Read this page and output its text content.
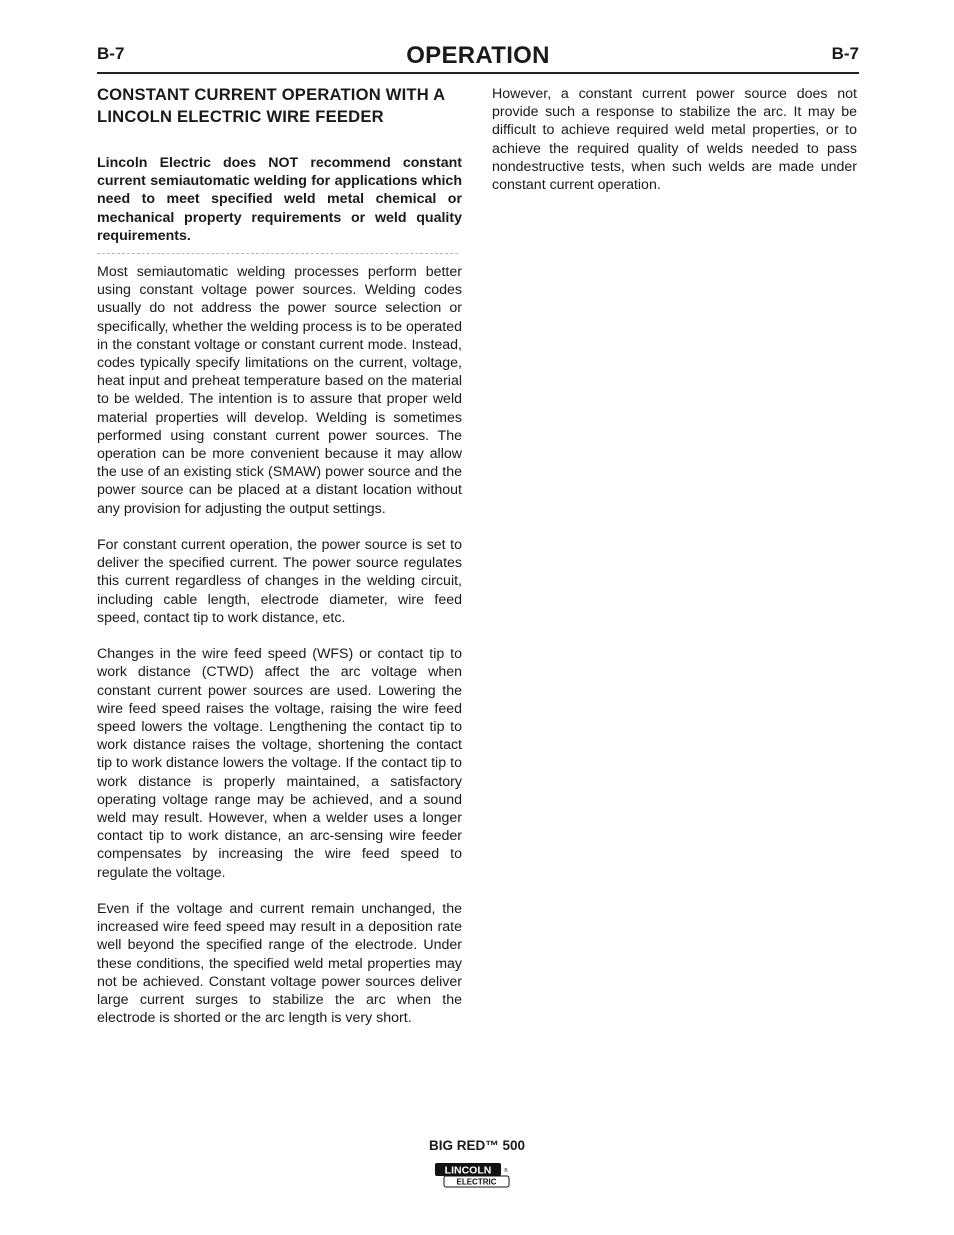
B-7	OPERATION	B-7
CONSTANT CURRENT OPERATION WITH A LINCOLN ELECTRIC WIRE FEEDER

Lincoln Electric does NOT recommend constant current semiautomatic welding for applications which need to meet specified weld metal chemical or mechanical property requirements or weld quality requirements.

Most semiautomatic welding processes perform better using constant voltage power sources. Welding codes usually do not address the power source selection or specifically, whether the welding process is to be operated in the constant voltage or constant current mode. Instead, codes typically specify limitations on the current, voltage, heat input and preheat temperature based on the material to be welded. The intention is to assure that proper weld material properties will develop. Welding is sometimes performed using constant current power sources. The operation can be more convenient because it may allow the use of an existing stick (SMAW) power source and the power source can be placed at a distant location without any provision for adjusting the output settings.

For constant current operation, the power source is set to deliver the specified current. The power source regulates this current regardless of changes in the welding circuit, including cable length, electrode diameter, wire feed speed, contact tip to work distance, etc.

Changes in the wire feed speed (WFS) or contact tip to work distance (CTWD) affect the arc voltage when constant current power sources are used. Lowering the wire feed speed raises the voltage, raising the wire feed speed lowers the voltage. Lengthening the contact tip to work distance raises the voltage, shortening the contact tip to work distance lowers the voltage. If the contact tip to work distance is properly maintained, a satisfactory operating voltage range may be achieved, and a sound weld may result. However, when a welder uses a longer contact tip to work distance, an arc-sensing wire feeder compensates by increasing the wire feed speed to regulate the voltage.

Even if the voltage and current remain unchanged, the increased wire feed speed may result in a deposition rate well beyond the specified range of the electrode. Under these conditions, the specified weld metal properties may not be achieved. Constant voltage power sources deliver large current surges to stabilize the arc when the electrode is shorted or the arc length is very short.

However, a constant current power source does not provide such a response to stabilize the arc. It may be difficult to achieve required weld metal properties, or to achieve the required quality of welds needed to pass nondestructive tests, when such welds are made under constant current operation.

BIG RED™ 500
LINCOLN	®
ELECTRIC
